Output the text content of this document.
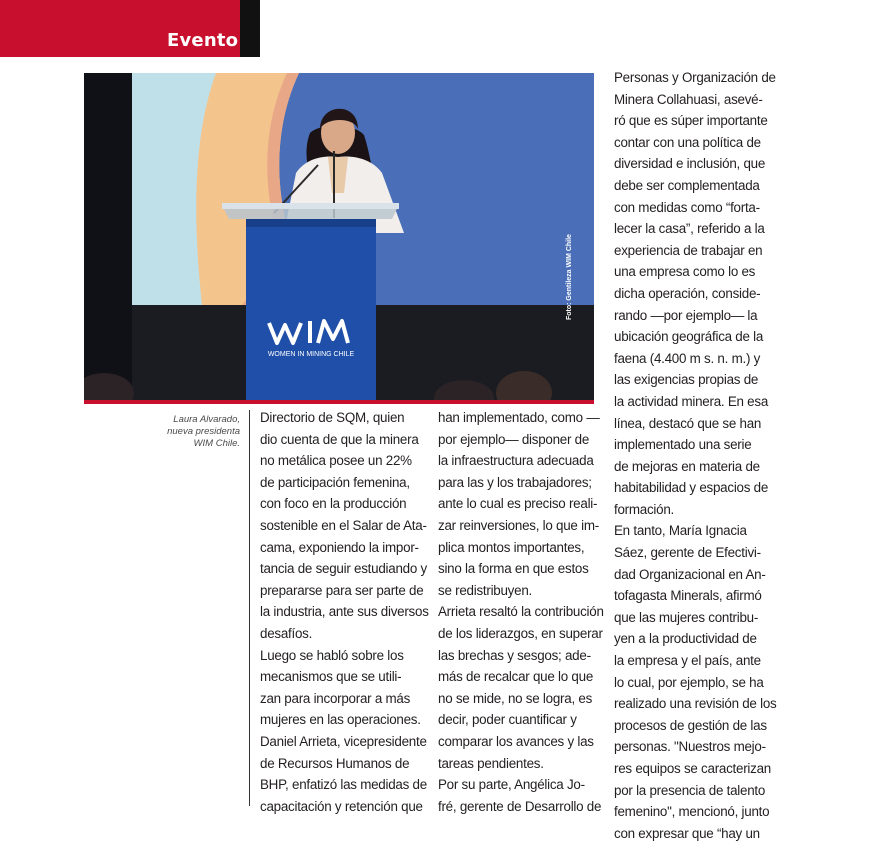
Evento
WOMEN IN MINING CHILE
Foto: Gentileza WIM Chile
Laura Alvarado,
nueva presidenta
WIM Chile.

Directorio de SQM, quien
dio cuenta de que la minera
no metálica posee un 22%
de participación femenina,
con foco en la producción
sostenible en el Salar de Ata-
cama, exponiendo la impor-
tancia de seguir estudiando y
prepararse para ser parte de
la industria, ante sus diversos
desafíos.

Luego se habló sobre los
mecanismos que se utili-
zan para incorporar a más
mujeres en las operaciones.
Daniel Arrieta, vicepresidente
de Recursos Humanos de
BHP, enfatizó las medidas de
capacitación y retención que

han implementado, como —
por ejemplo— disponer de
la infraestructura adecuada
para las y los trabajadores;
ante lo cual es preciso reali-
zar reinversiones, lo que im-
plica montos importantes,
sino la forma en que estos
se redistribuyen.

Arrieta resaltó la contribución
de los liderazgos, en superar
las brechas y sesgos; ade-
más de recalcar que lo que
no se mide, no se logra, es
decir, poder cuantificar y
comparar los avances y las
tareas pendientes.

Por su parte, Angélica Jo-
fré, gerente de Desarrollo de

Personas y Organización de
Minera Collahuasi, asevé-
ró que es súper importante
contar con una política de
diversidad e inclusión, que
debe ser complementada
con medidas como “forta-
lecer la casa”, referido a la
experiencia de trabajar en
una empresa como lo es
dicha operación, conside-
rando —por ejemplo— la
ubicación geográfica de la
faena (4.400 m s. n. m.) y
las exigencias propias de
la actividad minera. En esa
línea, destacó que se han
implementado una serie
de mejoras en materia de
habitabilidad y espacios de
formación.

En tanto, María Ignacia
Sáez, gerente de Efectivi-
dad Organizacional en An-
tofagasta Minerals, afirmó
que las mujeres contribu-
yen a la productividad de
la empresa y el país, ante
lo cual, por ejemplo, se ha
realizado una revisión de los
procesos de gestión de las
personas. "Nuestros mejo-
res equipos se caracterizan
por la presencia de talento
femenino", mencionó, junto
con expresar que “hay un
